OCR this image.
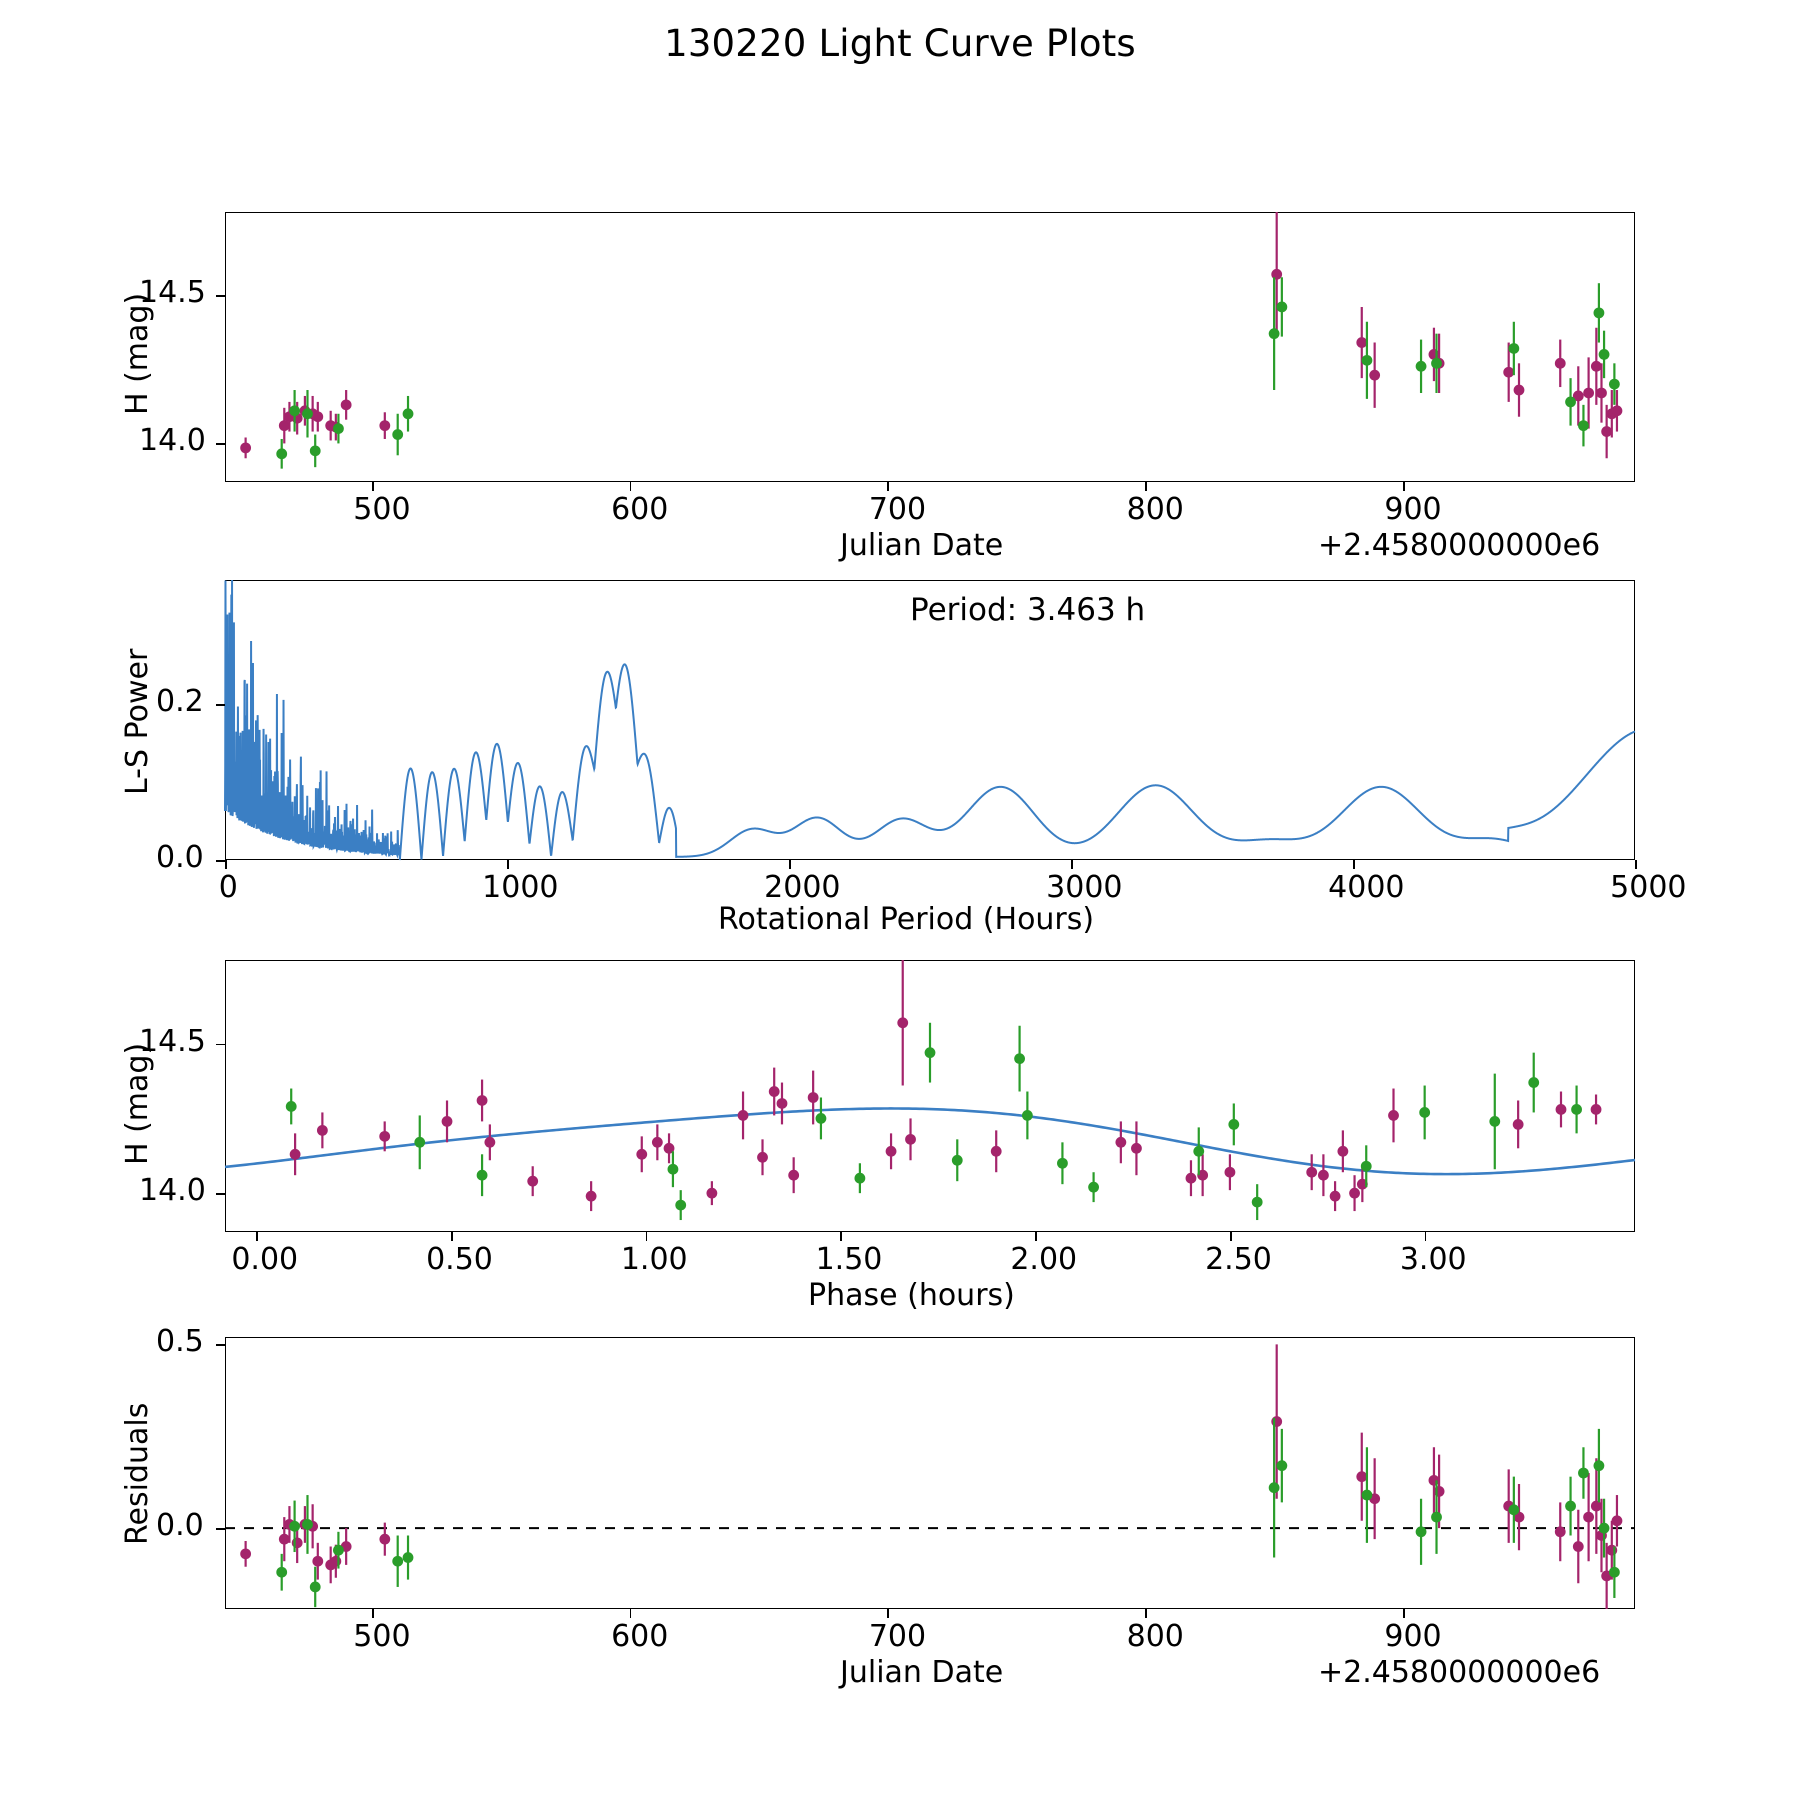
130220 Light Curve Plots
H (mag)
Julian Date	+2.4580000000e6
500	600	700	800	900
14.0
14.5
L-S Power
Rotational Period (Hours)
Period: 3.463 h
0	1000	2000	3000	4000	5000
0.0
0.2
H (mag)
Phase (hours)
0.00	0.50	1.00	1.50	2.00	2.50	3.00
14.0
14.5
Residuals
Julian Date	+2.4580000000e6
500	600	700	800	900
0.0
0.5
